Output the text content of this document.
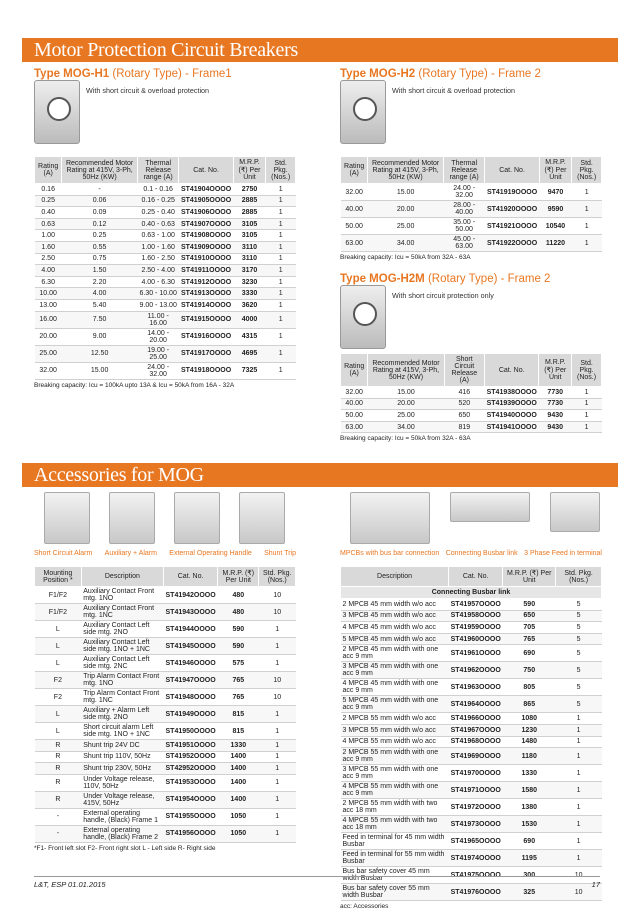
Motor Protection Circuit Breakers
Type MOG-H1 (Rotary Type) - Frame1
With short circuit & overload protection
Rating (A)	Recommended Motor Rating at 415V, 3-Ph, 50Hz (KW)	Thermal Release range (A)	Cat. No.	M.R.P. (₹) Per Unit	Std. Pkg. (Nos.)
0.16	-	0.1 - 0.16	ST41904OOOO	2750	1
0.25	0.06	0.16 - 0.25	ST41905OOOO	2885	1
0.40	0.09	0.25 - 0.40	ST41906OOOO	2885	1
0.63	0.12	0.40 - 0.63	ST41907OOOO	3105	1
1.00	0.25	0.63 - 1.00	ST41908OOOO	3105	1
1.60	0.55	1.00 - 1.60	ST41909OOOO	3110	1
2.50	0.75	1.60 - 2.50	ST41910OOOO	3110	1
4.00	1.50	2.50 - 4.00	ST41911OOOO	3170	1
6.30	2.20	4.00 - 6.30	ST41912OOOO	3230	1
10.00	4.00	6.30 - 10.00	ST41913OOOO	3330	1
13.00	5.40	9.00 - 13.00	ST41914OOOO	3620	1
16.00	7.50	11.00 - 16.00	ST41915OOOO	4000	1
20.00	9.00	14.00 - 20.00	ST41916OOOO	4315	1
25.00	12.50	19.00 - 25.00	ST41917OOOO	4695	1
32.00	15.00	24.00 - 32.00	ST41918OOOO	7325	1
Breaking capacity: Icu = 100kA upto 13A & Icu = 50kA from 16A - 32A
Type MOG-H2 (Rotary Type) - Frame 2
With short circuit & overload protection
Rating (A)	Recommended Motor Rating at 415V, 3-Ph, 50Hz (KW)	Thermal Release range (A)	Cat. No.	M.R.P. (₹) Per Unit	Std. Pkg. (Nos.)
32.00	15.00	24.00 - 32.00	ST41919OOOO	9470	1
40.00	20.00	28.00 - 40.00	ST41920OOOO	9590	1
50.00	25.00	35.00 - 50.00	ST41921OOOO	10540	1
63.00	34.00	45.00 - 63.00	ST41922OOOO	11220	1
Breaking capacity: Icu = 50kA from 32A - 63A
Type MOG-H2M (Rotary Type) - Frame 2
With short circuit protection only
Rating (A)	Recommended Motor Rating at 415V, 3-Ph, 50Hz (KW)	Short Circuit Release (A)	Cat. No.	M.R.P. (₹) Per Unit	Std. Pkg. (Nos.)
32.00	15.00	416	ST41938OOOO	7730	1
40.00	20.00	520	ST41939OOOO	7730	1
50.00	25.00	650	ST41940OOOO	9430	1
63.00	34.00	819	ST41941OOOO	9430	1
Breaking capacity: Icu = 50kA from 32A - 63A
Accessories for MOG
Short Circuit Alarm Auxiliary + Alarm External Operating Handle Shunt Trip	MPCBs with bus bar connection Connecting Busbar link 3 Phase Feed in terminal
Mounting Position *	Description	Cat. No.	M.R.P. (₹) Per Unit	Std. Pkg. (Nos.)
F1/F2	Auxiliary Contact Front mtg. 1NO	ST41942OOOO	480	10
F1/F2	Auxiliary Contact Front mtg. 1NC	ST41943OOOO	480	10
L	Auxiliary Contact Left side mtg. 2NO	ST41944OOOO	590	1
L	Auxiliary Contact Left side mtg. 1NO + 1NC	ST41945OOOO	590	1
L	Auxiliary Contact Left side mtg. 2NC	ST41946OOOO	575	1
F2	Trip Alarm Contact Front mtg. 1NO	ST41947OOOO	765	10
F2	Trip Alarm Contact Front mtg. 1NC	ST41948OOOO	765	10
L	Auxiliary + Alarm Left side mtg. 2NO	ST41949OOOO	815	1
L	Short circuit alarm Left side mtg. 1NO + 1NC	ST41950OOOO	815	1
R	Shunt trip 24V DC	ST41951OOOO	1330	1
R	Shunt trip 110V, 50Hz	ST41952OOOO	1400	1
R	Shunt trip 230V, 50Hz	ST42952OOOO	1400	1
R	Under Voltage release, 110V, 50Hz	ST41953OOOO	1400	1
R	Under Voltage release, 415V, 50Hz	ST41954OOOO	1400	1
-	External operating handle, (Black) Frame 1	ST41955OOOO	1050	1
-	External operating handle, (Black) Frame 2	ST41956OOOO	1050	1
*F1- Front left slot F2- Front right slot L - Left side R- Right side
Description	Cat. No.	M.R.P. (₹) Per Unit	Std. Pkg. (Nos.)
Connecting Busbar link			
2 MPCB 45 mm width w/o acc	ST41957OOOO	590	5
3 MPCB 45 mm width w/o acc	ST41958OOOO	650	5
4 MPCB 45 mm width w/o acc	ST41959OOOO	705	5
5 MPCB 45 mm width w/o acc	ST41960OOOO	765	5
2 MPCB 45 mm width with one acc 9 mm	ST41961OOOO	690	5
3 MPCB 45 mm width with one acc 9 mm	ST41962OOOO	750	5
4 MPCB 45 mm width with one acc 9 mm	ST41963OOOO	805	5
5 MPCB 45 mm width with one acc 9 mm	ST41964OOOO	865	5
2 MPCB 55 mm width w/o acc	ST41966OOOO	1080	1
3 MPCB 55 mm width w/o acc	ST41967OOOO	1230	1
4 MPCB 55 mm width w/o acc	ST41968OOOO	1480	1
2 MPCB 55 mm width with one acc 9 mm	ST41969OOOO	1180	1
3 MPCB 55 mm width with one acc 9 mm	ST41970OOOO	1330	1
4 MPCB 55 mm width with one acc 9 mm	ST41971OOOO	1580	1
2 MPCB 55 mm width with two acc 18 mm	ST41972OOOO	1380	1
4 MPCB 55 mm width with two acc 18 mm	ST41973OOOO	1530	1
Feed in terminal for 45 mm width Busbar	ST41965OOOO	690	1
Feed in terminal for 55 mm width Busbar	ST41974OOOO	1195	1
Bus bar safety cover 45 mm width Busbar	ST41975OOOO	300	10
Bus bar safety cover 55 mm width Busbar	ST41976OOOO	325	10
acc: Accessories
L&T, ESP 01.01.2015	17
